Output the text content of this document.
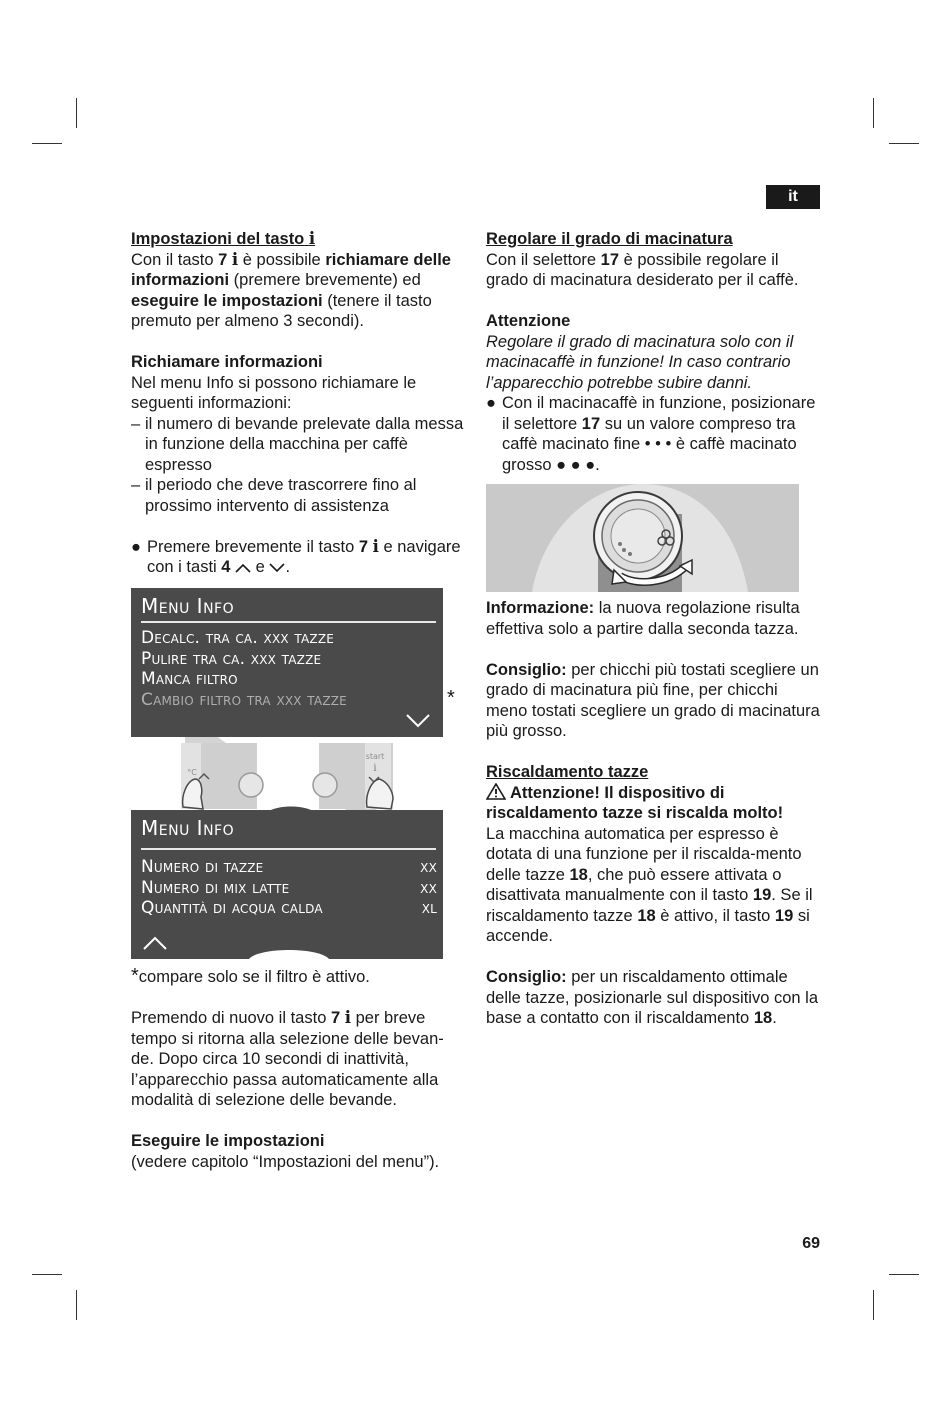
it

Impostazioni del tasto i

Con il tasto 7 i è possibile richiamare delle informazioni (premere brevemente) ed eseguire le impostazioni (tenere il tasto premuto per almeno 3 secondi).

Richiamare informazioni

Nel menu Info si possono richiamare le seguenti informazioni:

– il numero di bevande prelevate dalla messa in funzione della macchina per caffè espresso
– il periodo che deve trascorrere fino al prossimo intervento di assistenza
● Premere brevemente il tasto 7 i e navigare con i tasti 4  e .
Menu Info
Decalc. tra ca. xxx tazze
Pulire tra ca. xxx tazze
Manca filtro
Cambio filtro tra xxx tazze	*
°C
start
i
Menu Info
Numero di tazze	xx
Numero di mix latte	xx
Quantità di acqua calda	xl

*compare solo se il filtro è attivo.

Premendo di nuovo il tasto 7 i per breve tempo si ritorna alla selezione delle bevan-de. Dopo circa 10 secondi di inattività, l’apparecchio passa automaticamente alla modalità di selezione delle bevande.

Eseguire le impostazioni

(vedere capitolo “Impostazioni del menu”).

Regolare il grado di macinatura

Con il selettore 17 è possibile regolare il grado di macinatura desiderato per il caffè.

Attenzione

Regolare il grado di macinatura solo con il macinacaffè in funzione! In caso contrario l’apparecchio potrebbe subire danni.

● Con il macinacaffè in funzione, posizionare il selettore 17 su un valore compreso tra caffè macinato fine • • • è caffè macinato grosso ● ● ●.

Informazione: la nuova regolazione risulta effettiva solo a partire dalla seconda tazza.

Consiglio: per chicchi più tostati scegliere un grado di macinatura più fine, per chicchi meno tostati scegliere un grado di macinatura più grosso.

Riscaldamento tazze

Attenzione! Il dispositivo di riscaldamento tazze si riscalda molto!

La macchina automatica per espresso è dotata di una funzione per il riscalda-mento delle tazze 18, che può essere attivata o disattivata manualmente con il tasto 19. Se il riscaldamento tazze 18 è attivo, il tasto 19 si accende.

Consiglio: per un riscaldamento ottimale delle tazze, posizionarle sul dispositivo con la base a contatto con il riscaldamento 18.

69
